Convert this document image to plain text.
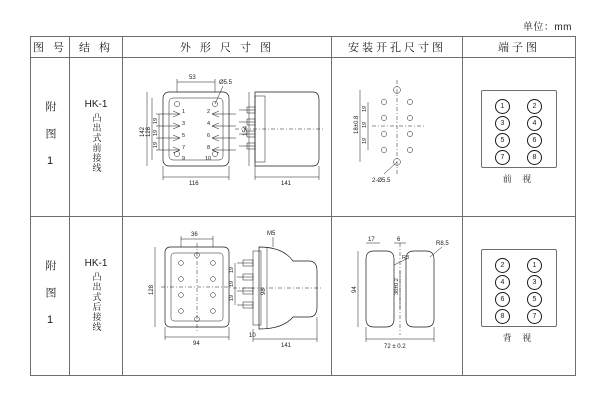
单位：mm
图 号	结 构	外 形 尺 寸 图	安装开孔尺寸图	端子图
附 图 1	HK-1
凸出式前接线	
1	2
3	4
5	6
7	8
9	10
53
Ø5.5
142 128
19
19
19
116
154
141

19
19
19
18±0.8
2-Ø5.5

1
3
5
7
2
4
6
8
前 视

附 图 1	HK-1
凸出式后接线	
36
128
94
M5
98
19
19
19
141
10

17	6
R8.5
R3
94	38±0.2
72 ± 0.2

2
4
6
8
1
3
5
7
背 视
